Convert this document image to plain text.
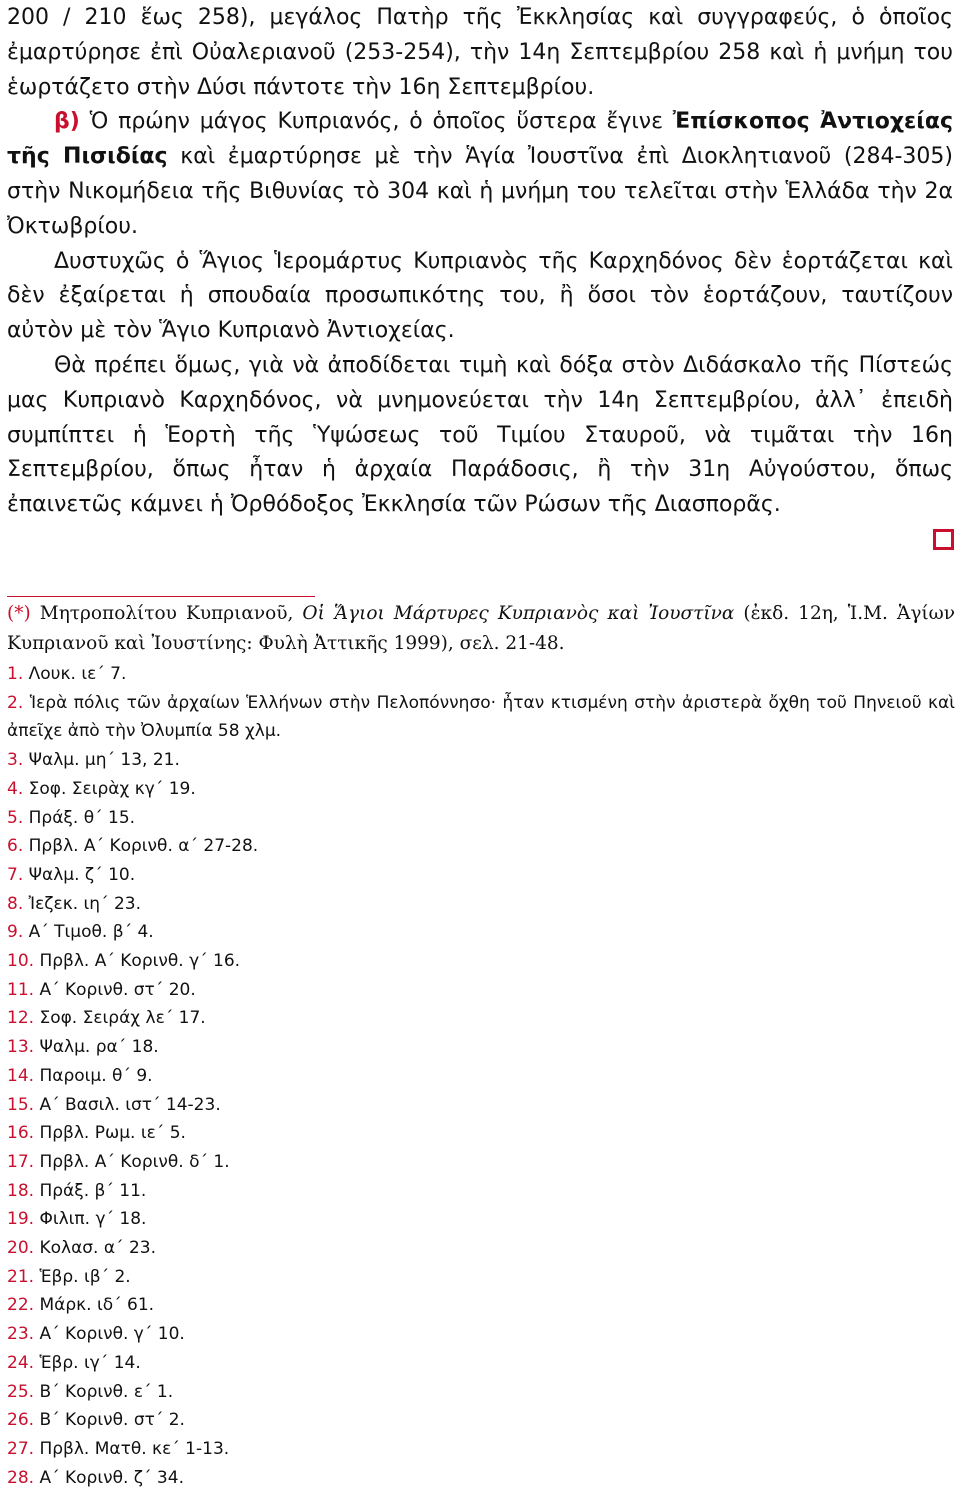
200 / 210 ἕως 258), μεγάλος Πατὴρ τῆς Ἐκκλησίας καὶ συγγραφεύς, ὁ ὁποῖος ἐμαρτύρησε ἐπὶ Οὐαλεριανοῦ (253-254), τὴν 14η Σεπτεμβρίου 258 καὶ ἡ μνήμη του ἑωρτάζετο στὴν Δύσι πάντοτε τὴν 16η Σεπτεμβρίου.

β) Ὁ πρώην μάγος Κυπριανός, ὁ ὁποῖος ὕστερα ἔγινε Ἐπίσκοπος Ἀντιοχείας τῆς Πισιδίας καὶ ἐμαρτύρησε μὲ τὴν Ἁγία Ἰουστῖνα ἐπὶ Διοκλητιανοῦ (284-305) στὴν Νικομήδεια τῆς Βιθυνίας τὸ 304 καὶ ἡ μνήμη του τελεῖται στὴν Ἑλλάδα τὴν 2α Ὀκτωβρίου.

Δυστυχῶς ὁ Ἅγιος Ἱερομάρτυς Κυπριανὸς τῆς Καρχηδόνος δὲν ἑορτάζεται καὶ δὲν ἐξαίρεται ἡ σπουδαία προσωπικότης του, ἢ ὅσοι τὸν ἑορτάζουν, ταυτίζουν αὐτὸν μὲ τὸν Ἅγιο Κυπριανὸ Ἀντιοχείας.

Θὰ πρέπει ὅμως, γιὰ νὰ ἀποδίδεται τιμὴ καὶ δόξα στὸν Διδάσκαλο τῆς Πίστεώς μας Κυπριανὸ Καρχηδόνος, νὰ μνημονεύεται τὴν 14η Σεπτεμβρίου, ἀλλ᾽ ἐπειδὴ συμπίπτει ἡ Ἑορτὴ τῆς Ὑψώσεως τοῦ Τιμίου Σταυροῦ, νὰ τιμᾶται τὴν 16η Σεπτεμβρίου, ὅπως ἦταν ἡ ἀρχαία Παράδοσις, ἢ τὴν 31η Αὐγούστου, ὅπως ἐπαινετῶς κάμνει ἡ Ὀρθόδοξος Ἐκκλησία τῶν Ρώσων τῆς Διασπορᾶς.

(*) Μητροπολίτου Κυπριανοῦ, Οἱ Ἅγιοι Μάρτυρες Κυπριανὸς καὶ Ἰουστῖνα (ἐκδ. 12η, Ἱ.Μ. Ἁγίων Κυπριανοῦ καὶ Ἰουστίνης: Φυλὴ Ἀττικῆς 1999), σελ. 21-48.
1. Λουκ. ιε΄ 7.
2. Ἱερὰ πόλις τῶν ἀρχαίων Ἑλλήνων στὴν Πελοπόννησο· ἦταν κτισμένη στὴν ἀριστερὰ ὄχθη τοῦ Πηνειοῦ καὶ ἀπεῖχε ἀπὸ τὴν Ὀλυμπία 58 χλμ.
3. Ψαλμ. μη΄ 13, 21.
4. Σοφ. Σειρὰχ κγ΄ 19.
5. Πράξ. θ΄ 15.
6. Πρβλ. Α΄ Κορινθ. α΄ 27-28.
7. Ψαλμ. ζ΄ 10.
8. Ἰεζεκ. ιη΄ 23.
9. Α΄ Τιμοθ. β΄ 4.
10. Πρβλ. Α΄ Κορινθ. γ΄ 16.
11. Α΄ Κορινθ. στ΄ 20.
12. Σοφ. Σειράχ λε΄ 17.
13. Ψαλμ. ρα΄ 18.
14. Παροιμ. θ΄ 9.
15. Α΄ Βασιλ. ιστ΄ 14-23.
16. Πρβλ. Ρωμ. ιε΄ 5.
17. Πρβλ. Α΄ Κορινθ. δ΄ 1.
18. Πράξ. β΄ 11.
19. Φιλιπ. γ΄ 18.
20. Κολασ. α΄ 23.
21. Ἑβρ. ιβ΄ 2.
22. Μάρκ. ιδ΄ 61.
23. Α΄ Κορινθ. γ΄ 10.
24. Ἑβρ. ιγ΄ 14.
25. Β΄ Κορινθ. ε΄ 1.
26. Β΄ Κορινθ. στ΄ 2.
27. Πρβλ. Ματθ. κε΄ 1-13.
28. Α΄ Κορινθ. ζ΄ 34.
